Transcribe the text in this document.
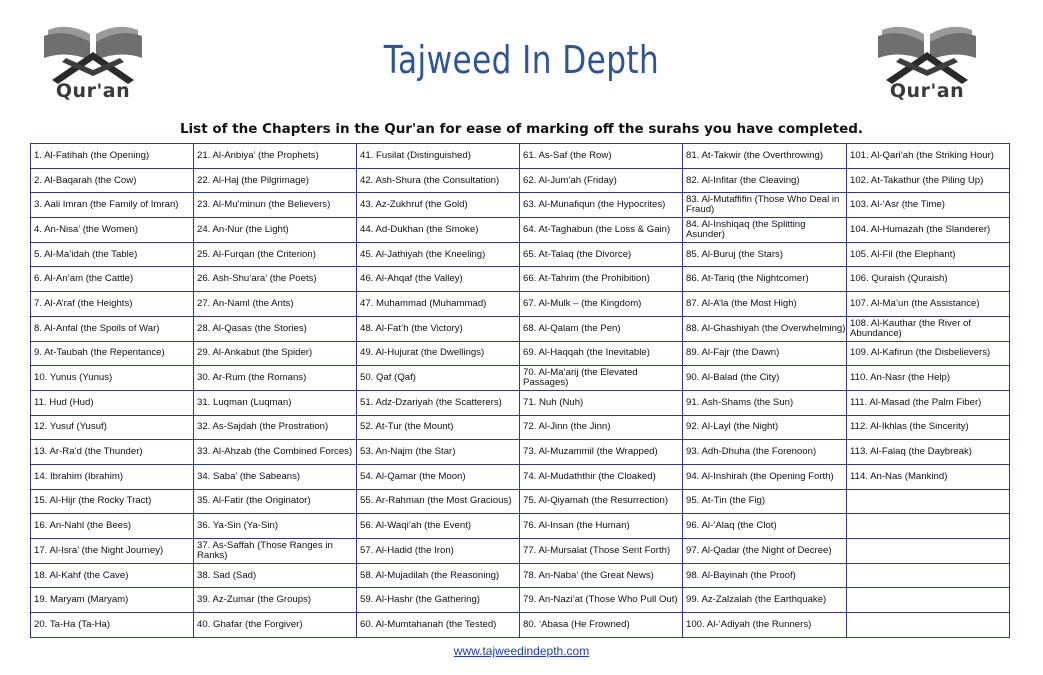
Qur'an	Qur'an
Tajweed In Depth
List of the Chapters in the Qur'an for ease of marking off the surahs you have completed.
1. Al-Fatihah (the Opening)	21. Al-Anbiya’ (the Prophets)	41. Fusilat (Distinguished)	61. As-Saf (the Row)	81. At-Takwir (the Overthrowing)	101. Al-Qari’ah (the Striking Hour)
2. Al-Baqarah (the Cow)	22. Al-Haj (the Pilgrimage)	42. Ash-Shura (the Consultation)	62. Al-Jum’ah (Friday)	82. Al-Infitar (the Cleaving)	102. At-Takathur (the Piling Up)
3. Aali Imran (the Family of Imran)	23. Al-Mu’minun (the Believers)	43. Az-Zukhruf (the Gold)	63. Al-Munafiqun (the Hypocrites)	83. Al-Mutaffifin (Those Who Deal in Fraud)	103. Al-‘Asr (the Time)
4. An-Nisa’ (the Women)	24. An-Nur (the Light)	44. Ad-Dukhan (the Smoke)	64. At-Taghabun (the Loss & Gain)	84. Al-Inshiqaq (the Splitting Asunder)	104. Al-Humazah (the Slanderer)
5. Al-Ma’idah (the Table)	25. Al-Furqan (the Criterion)	45. Al-Jathiyah (the Kneeling)	65. At-Talaq (the Divorce)	85. Al-Buruj (the Stars)	105. Al-Fil (the Elephant)
6. Al-An’am (the Cattle)	26. Ash-Shu’ara’ (the Poets)	46. Al-Ahqaf (the Valley)	66. At-Tahrim (the Prohibition)	86. At-Tariq (the Nightcomer)	106. Quraish (Quraish)
7. Al-A’raf (the Heights)	27. An-Naml (the Ants)	47. Muhammad (Muhammad)	67. Al-Mulk – (the Kingdom)	87. Al-A’la (the Most High)	107. Al-Ma’un (the Assistance)
8. Al-Anfal (the Spoils of War)	28. Al-Qasas (the Stories)	48. Al-Fat’h (the Victory)	68. Al-Qalam (the Pen)	88. Al-Ghashiyah (the Overwhelming)	108. Al-Kauthar (the River of Abundance)
9. At-Taubah (the Repentance)	29. Al-Ankabut (the Spider)	49. Al-Hujurat (the Dwellings)	69. Al-Haqqah (the Inevitable)	89. Al-Fajr (the Dawn)	109. Al-Kafirun (the Disbelievers)
10. Yunus (Yunus)	30. Ar-Rum (the Romans)	50. Qaf (Qaf)	70. Al-Ma’arij (the Elevated Passages)	90. Al-Balad (the City)	110. An-Nasr (the Help)
11. Hud (Hud)	31. Luqman (Luqman)	51. Adz-Dzariyah (the Scatterers)	71. Nuh (Nuh)	91. Ash-Shams (the Sun)	111. Al-Masad (the Palm Fiber)
12. Yusuf (Yusuf)	32. As-Sajdah (the Prostration)	52. At-Tur (the Mount)	72. Al-Jinn (the Jinn)	92. Al-Layl (the Night)	112. Al-Ikhlas (the Sincerity)
13. Ar-Ra’d (the Thunder)	33. Al-Ahzab (the Combined Forces)	53. An-Najm (the Star)	73. Al-Muzammil (the Wrapped)	93. Adh-Dhuha (the Forenoon)	113. Al-Falaq (the Daybreak)
14. Ibrahim (Ibrahim)	34. Saba’ (the Sabeans)	54. Al-Qamar (the Moon)	74. Al-Mudaththir (the Cloaked)	94. Al-Inshirah (the Opening Forth)	114. An-Nas (Mankind)
15. Al-Hijr (the Rocky Tract)	35. Al-Fatir (the Originator)	55. Ar-Rahman (the Most Gracious)	75. Al-Qiyamah (the Resurrection)	95. At-Tin (the Fig)	
16. An-Nahl (the Bees)	36. Ya-Sin (Ya-Sin)	56. Al-Waqi’ah (the Event)	76. Al-Insan (the Human)	96. Al-‘Alaq (the Clot)	
17. Al-Isra’ (the Night Journey)	37. As-Saffah (Those Ranges in Ranks)	57. Al-Hadid (the Iron)	77. Al-Mursalat (Those Sent Forth)	97. Al-Qadar (the Night of Decree)	
18. Al-Kahf (the Cave)	38. Sad (Sad)	58. Al-Mujadilah (the Reasoning)	78. An-Naba’ (the Great News)	98. Al-Bayinah (the Proof)	
19. Maryam (Maryam)	39. Az-Zumar (the Groups)	59. Al-Hashr (the Gathering)	79. An-Nazi’at (Those Who Pull Out)	99. Az-Zalzalah (the Earthquake)	
20. Ta-Ha (Ta-Ha)	40. Ghafar (the Forgiver)	60. Al-Mumtahanah (the Tested)	80. ‘Abasa (He Frowned)	100. Al-‘Adiyah (the Runners)	
www.tajweedindepth.com
